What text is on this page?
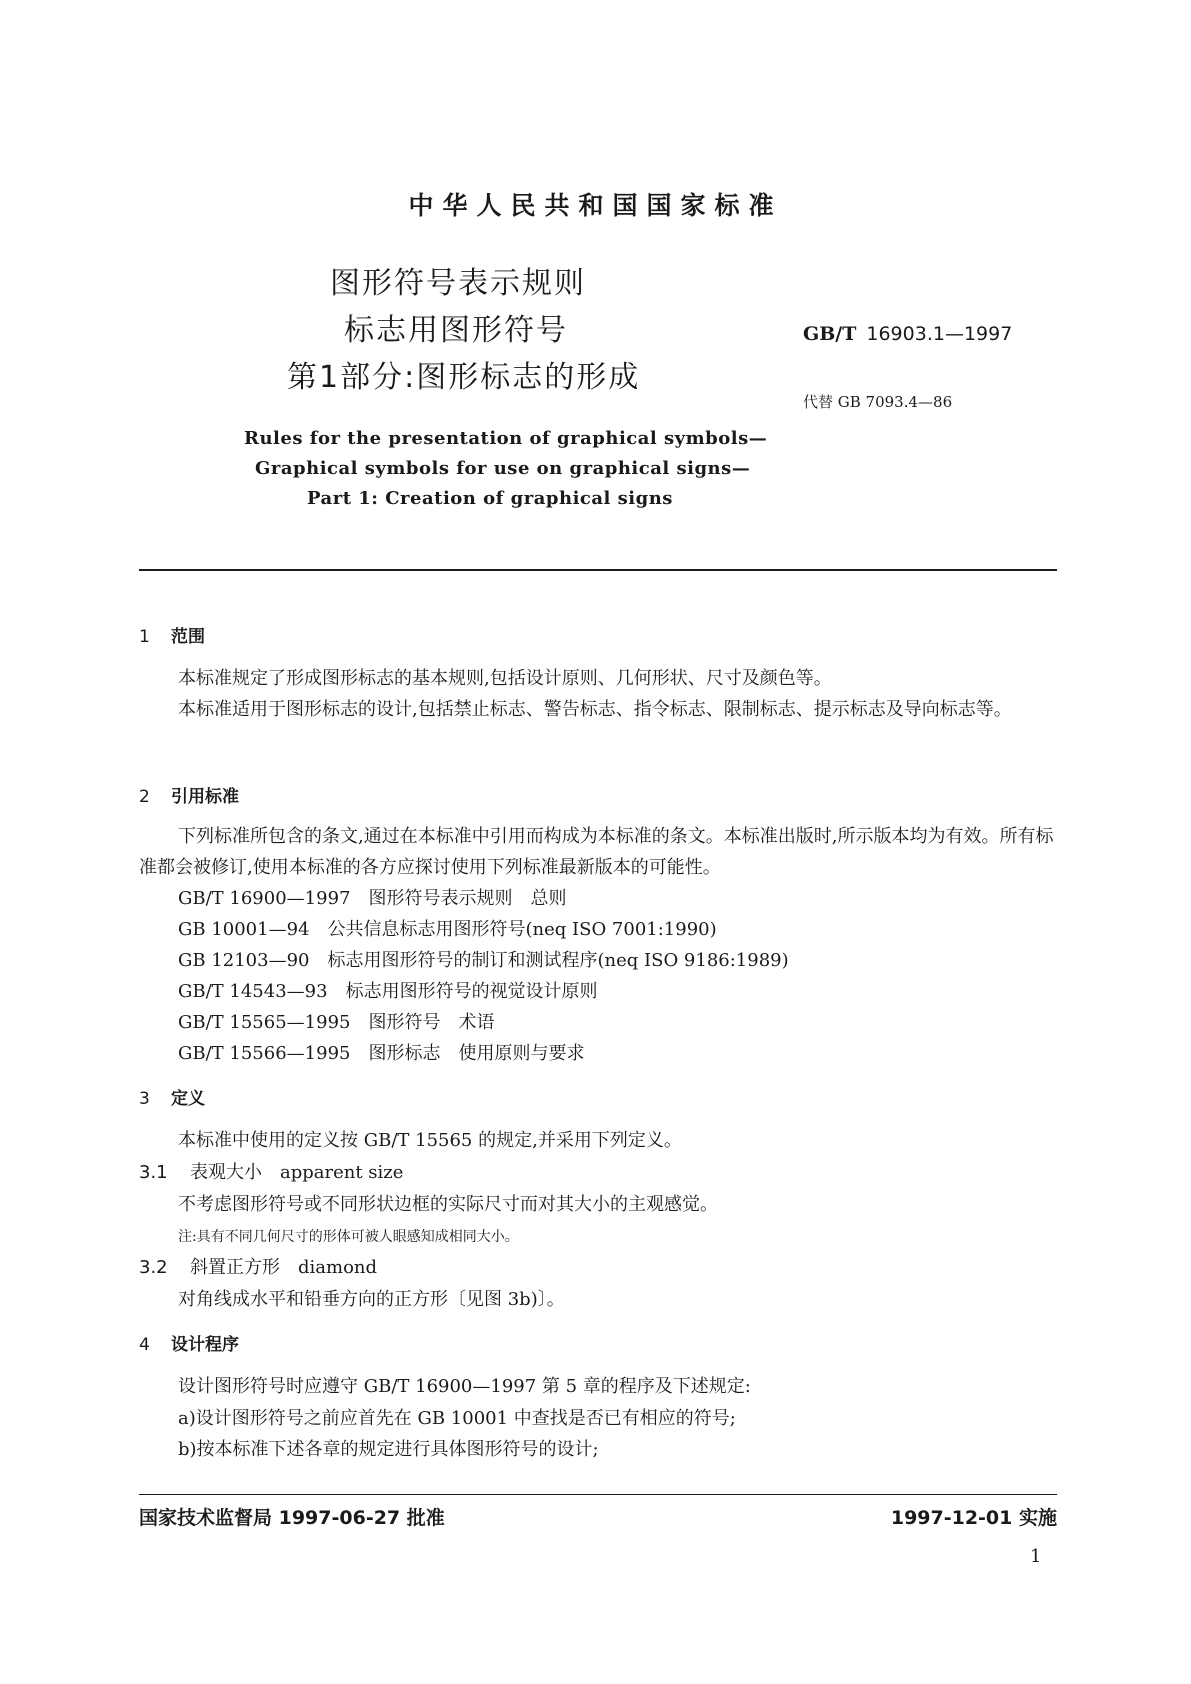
中华人民共和国国家标准
图形符号表示规则
标志用图形符号
第1部分:图形标志的形成
GB/T 16903.1—1997
代替 GB 7093.4—86
Rules for the presentation of graphical symbols—
Graphical symbols for use on graphical signs—
Part 1: Creation of graphical signs
1 范围
本标准规定了形成图形标志的基本规则,包括设计原则、几何形状、尺寸及颜色等。
本标准适用于图形标志的设计,包括禁止标志、警告标志、指令标志、限制标志、提示标志及导向标志等。
2 引用标准
下列标准所包含的条文,通过在本标准中引用而构成为本标准的条文。本标准出版时,所示版本均为有效。所有标准都会被修订,使用本标准的各方应探讨使用下列标准最新版本的可能性。
GB/T 16900—1997　图形符号表示规则　总则
GB 10001—94　公共信息标志用图形符号(neq ISO 7001:1990)
GB 12103—90　标志用图形符号的制订和测试程序(neq ISO 9186:1989)
GB/T 14543—93　标志用图形符号的视觉设计原则
GB/T 15565—1995　图形符号　术语
GB/T 15566—1995　图形标志　使用原则与要求
3 定义
本标准中使用的定义按 GB/T 15565 的规定,并采用下列定义。
3.1 表观大小　apparent size
不考虑图形符号或不同形状边框的实际尺寸而对其大小的主观感觉。
注:具有不同几何尺寸的形体可被人眼感知成相同大小。
3.2 斜置正方形　diamond
对角线成水平和铅垂方向的正方形〔见图 3b)〕。
4 设计程序
设计图形符号时应遵守 GB/T 16900—1997 第 5 章的程序及下述规定:
a)设计图形符号之前应首先在 GB 10001 中查找是否已有相应的符号;
b)按本标准下述各章的规定进行具体图形符号的设计;
国家技术监督局 1997-06-27 批准	1997-12-01 实施
1
